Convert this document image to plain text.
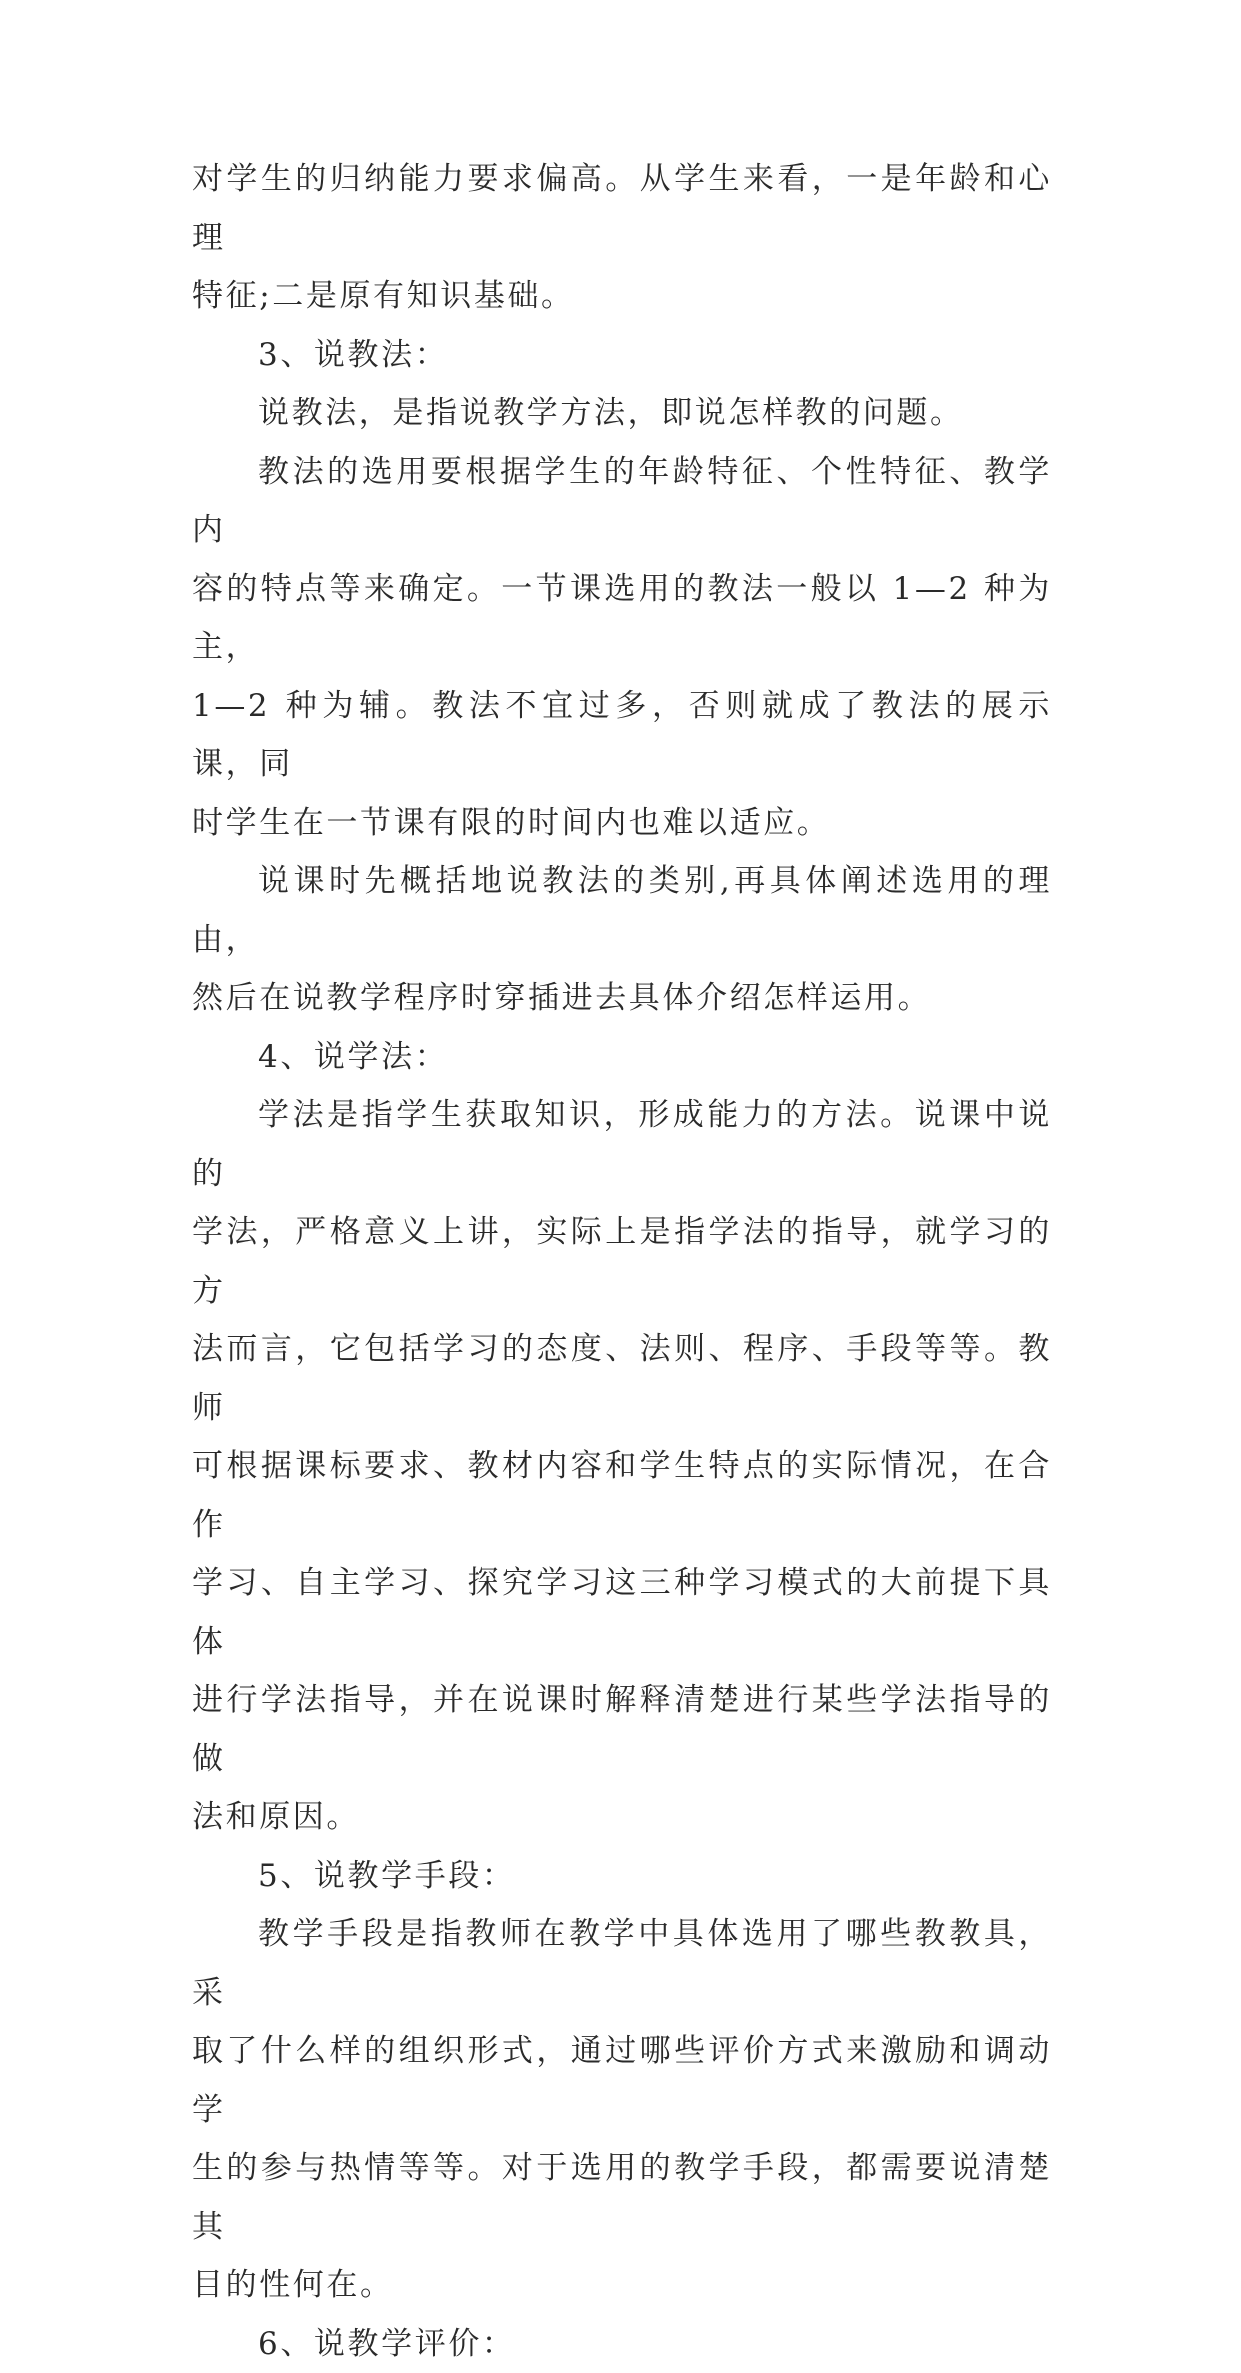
对学生的归纳能力要求偏高。从学生来看，一是年龄和心理
特征;二是原有知识基础。

3、说教法：

说教法，是指说教学方法，即说怎样教的问题。

教法的选用要根据学生的年龄特征、个性特征、教学内
容的特点等来确定。一节课选用的教法一般以 1—2 种为主，
1—2 种为辅。教法不宜过多，否则就成了教法的展示课，同
时学生在一节课有限的时间内也难以适应。

说课时先概括地说教法的类别,再具体阐述选用的理由，
然后在说教学程序时穿插进去具体介绍怎样运用。

4、说学法：

学法是指学生获取知识，形成能力的方法。说课中说的
学法，严格意义上讲，实际上是指学法的指导，就学习的方
法而言，它包括学习的态度、法则、程序、手段等等。教师
可根据课标要求、教材内容和学生特点的实际情况，在合作
学习、自主学习、探究学习这三种学习模式的大前提下具体
进行学法指导，并在说课时解释清楚进行某些学法指导的做
法和原因。

5、说教学手段：

教学手段是指教师在教学中具体选用了哪些教教具，采
取了什么样的组织形式，通过哪些评价方式来激励和调动学
生的参与热情等等。对于选用的教学手段，都需要说清楚其
目的性何在。

6、说教学评价：
